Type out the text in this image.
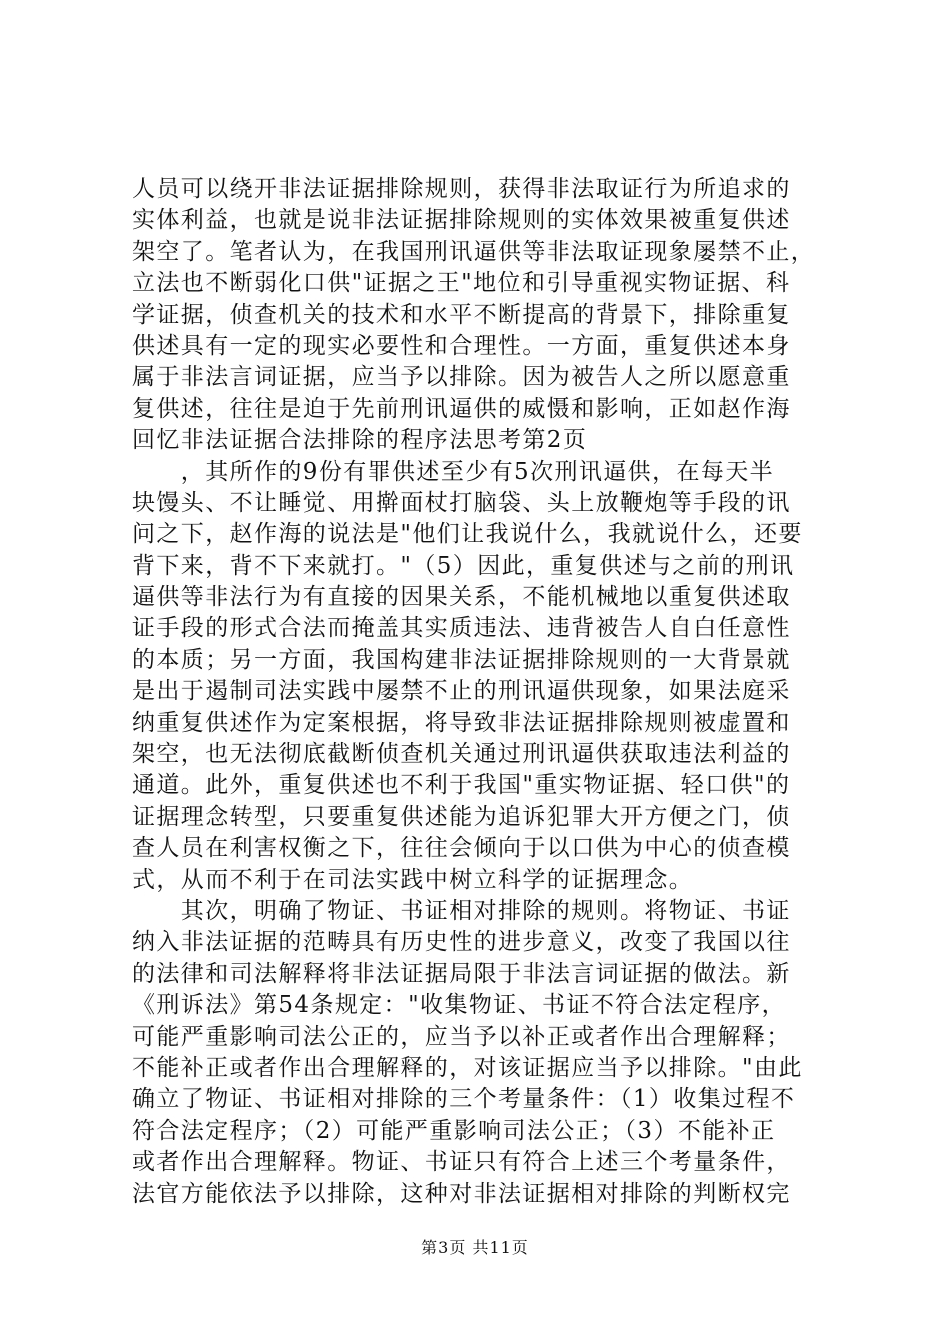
人员可以绕开非法证据排除规则，获得非法取证行为所追求的
实体利益，也就是说非法证据排除规则的实体效果被重复供述
架空了。笔者认为，在我国刑讯逼供等非法取证现象屡禁不止，
立法也不断弱化口供"证据之王"地位和引导重视实物证据、科
学证据，侦查机关的技术和水平不断提高的背景下，排除重复
供述具有一定的现实必要性和合理性。一方面，重复供述本身
属于非法言词证据，应当予以排除。因为被告人之所以愿意重
复供述，往往是迫于先前刑讯逼供的威慑和影响，正如赵作海
回忆非法证据合法排除的程序法思考第2页
　　，其所作的9份有罪供述至少有5次刑讯逼供，在每天半
块馒头、不让睡觉、用擀面杖打脑袋、头上放鞭炮等手段的讯
问之下，赵作海的说法是"他们让我说什么，我就说什么，还要
背下来，背不下来就打。"（5）因此，重复供述与之前的刑讯
逼供等非法行为有直接的因果关系，不能机械地以重复供述取
证手段的形式合法而掩盖其实质违法、违背被告人自白任意性
的本质；另一方面，我国构建非法证据排除规则的一大背景就
是出于遏制司法实践中屡禁不止的刑讯逼供现象，如果法庭采
纳重复供述作为定案根据，将导致非法证据排除规则被虚置和
架空，也无法彻底截断侦查机关通过刑讯逼供获取违法利益的
通道。此外，重复供述也不利于我国"重实物证据、轻口供"的
证据理念转型，只要重复供述能为追诉犯罪大开方便之门，侦
查人员在利害权衡之下，往往会倾向于以口供为中心的侦查模
式，从而不利于在司法实践中树立科学的证据理念。
　　其次，明确了物证、书证相对排除的规则。将物证、书证
纳入非法证据的范畴具有历史性的进步意义，改变了我国以往
的法律和司法解释将非法证据局限于非法言词证据的做法。新
《刑诉法》第54条规定："收集物证、书证不符合法定程序，
可能严重影响司法公正的，应当予以补正或者作出合理解释；
不能补正或者作出合理解释的，对该证据应当予以排除。"由此
确立了物证、书证相对排除的三个考量条件：（1）收集过程不
符合法定程序；（2）可能严重影响司法公正；（3）不能补正
或者作出合理解释。物证、书证只有符合上述三个考量条件，
法官方能依法予以排除，这种对非法证据相对排除的判断权完
第3页 共11页
